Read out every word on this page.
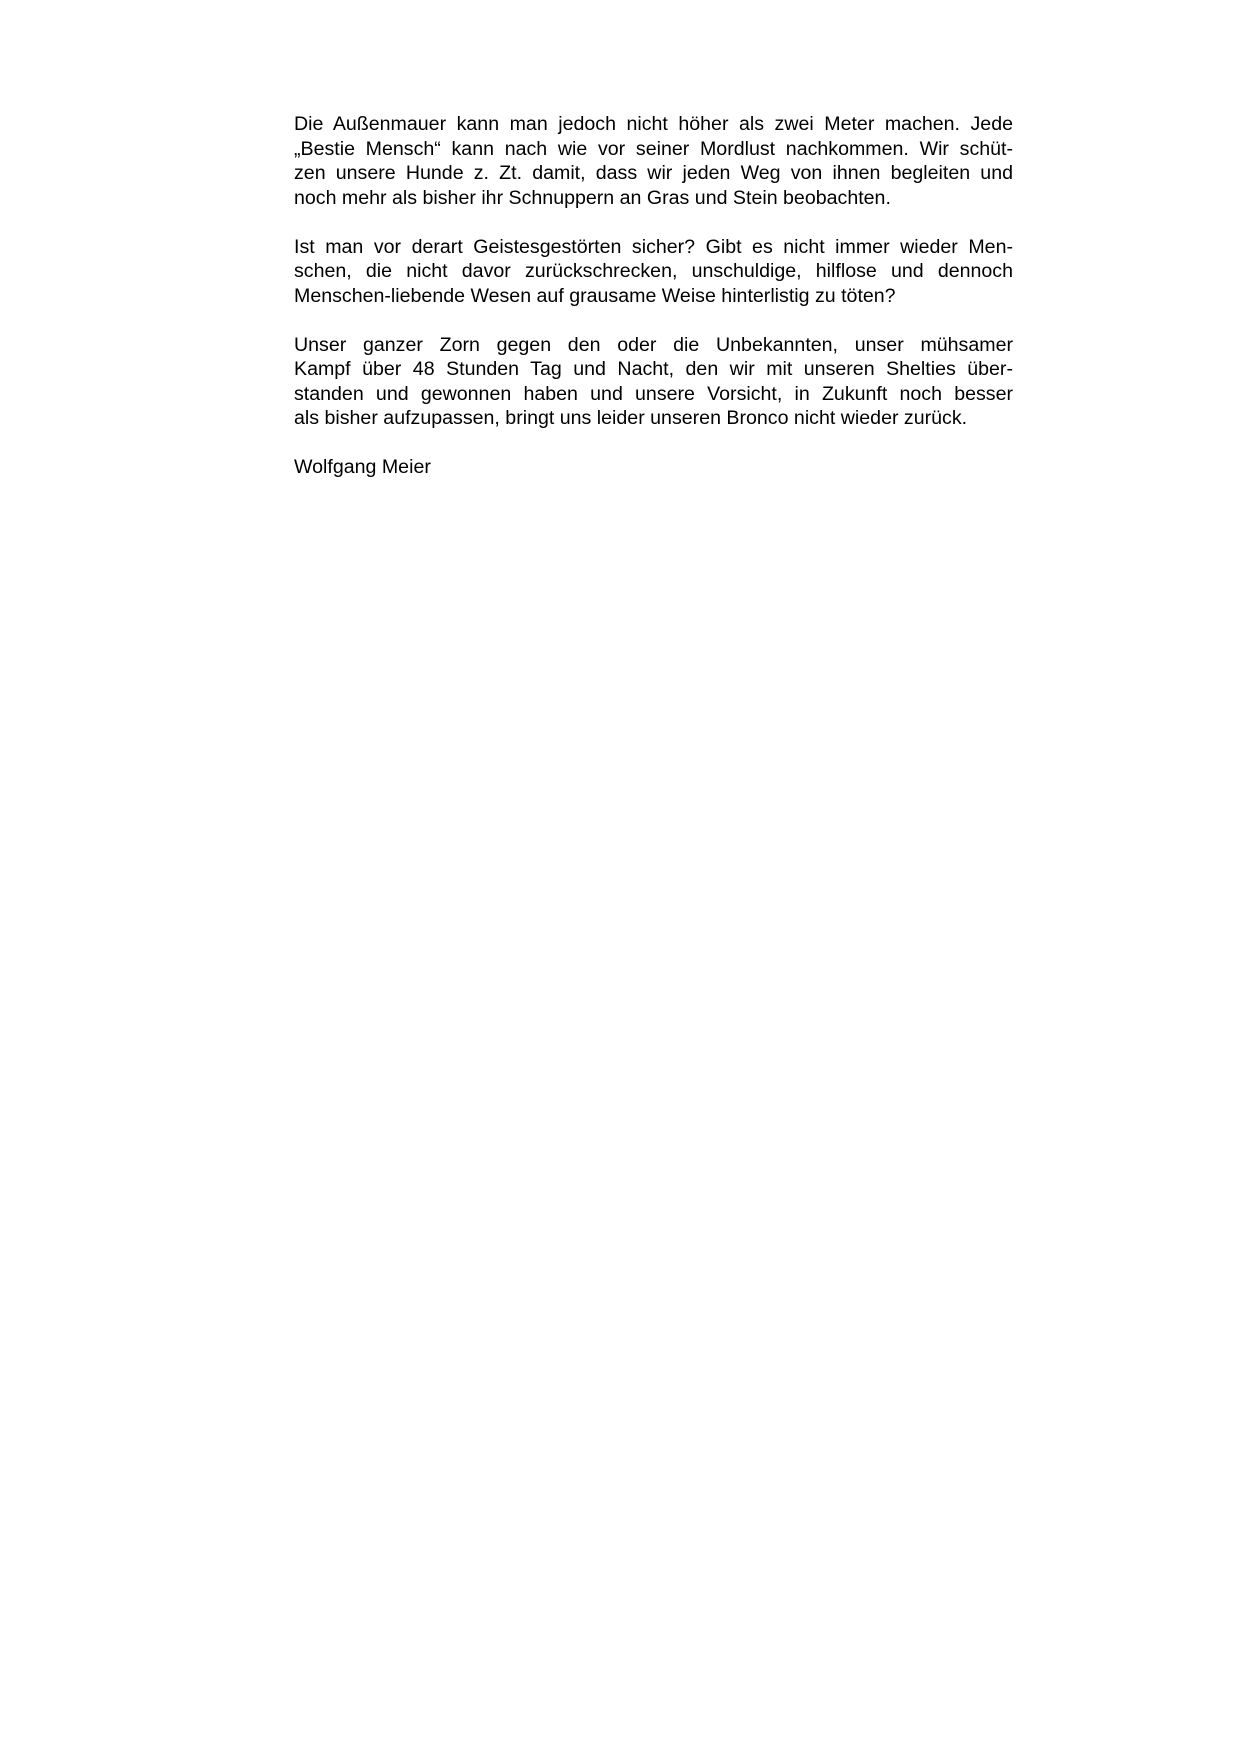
Die Außenmauer kann man jedoch nicht höher als zwei Meter machen. Jede
„Bestie Mensch“ kann nach wie vor seiner Mordlust nachkommen. Wir schüt-
zen unsere Hunde z. Zt. damit, dass wir jeden Weg von ihnen begleiten und
noch mehr als bisher ihr Schnuppern an Gras und Stein beobachten.

Ist man vor derart Geistesgestörten sicher? Gibt es nicht immer wieder Men-
schen, die nicht davor zurückschrecken, unschuldige, hilflose und dennoch
Menschen-liebende Wesen auf grausame Weise hinterlistig zu töten?

Unser ganzer Zorn gegen den oder die Unbekannten, unser mühsamer
Kampf über 48 Stunden Tag und Nacht, den wir mit unseren Shelties über-
standen und gewonnen haben und unsere Vorsicht, in Zukunft noch besser
als bisher aufzupassen, bringt uns leider unseren Bronco nicht wieder zurück.

Wolfgang Meier
